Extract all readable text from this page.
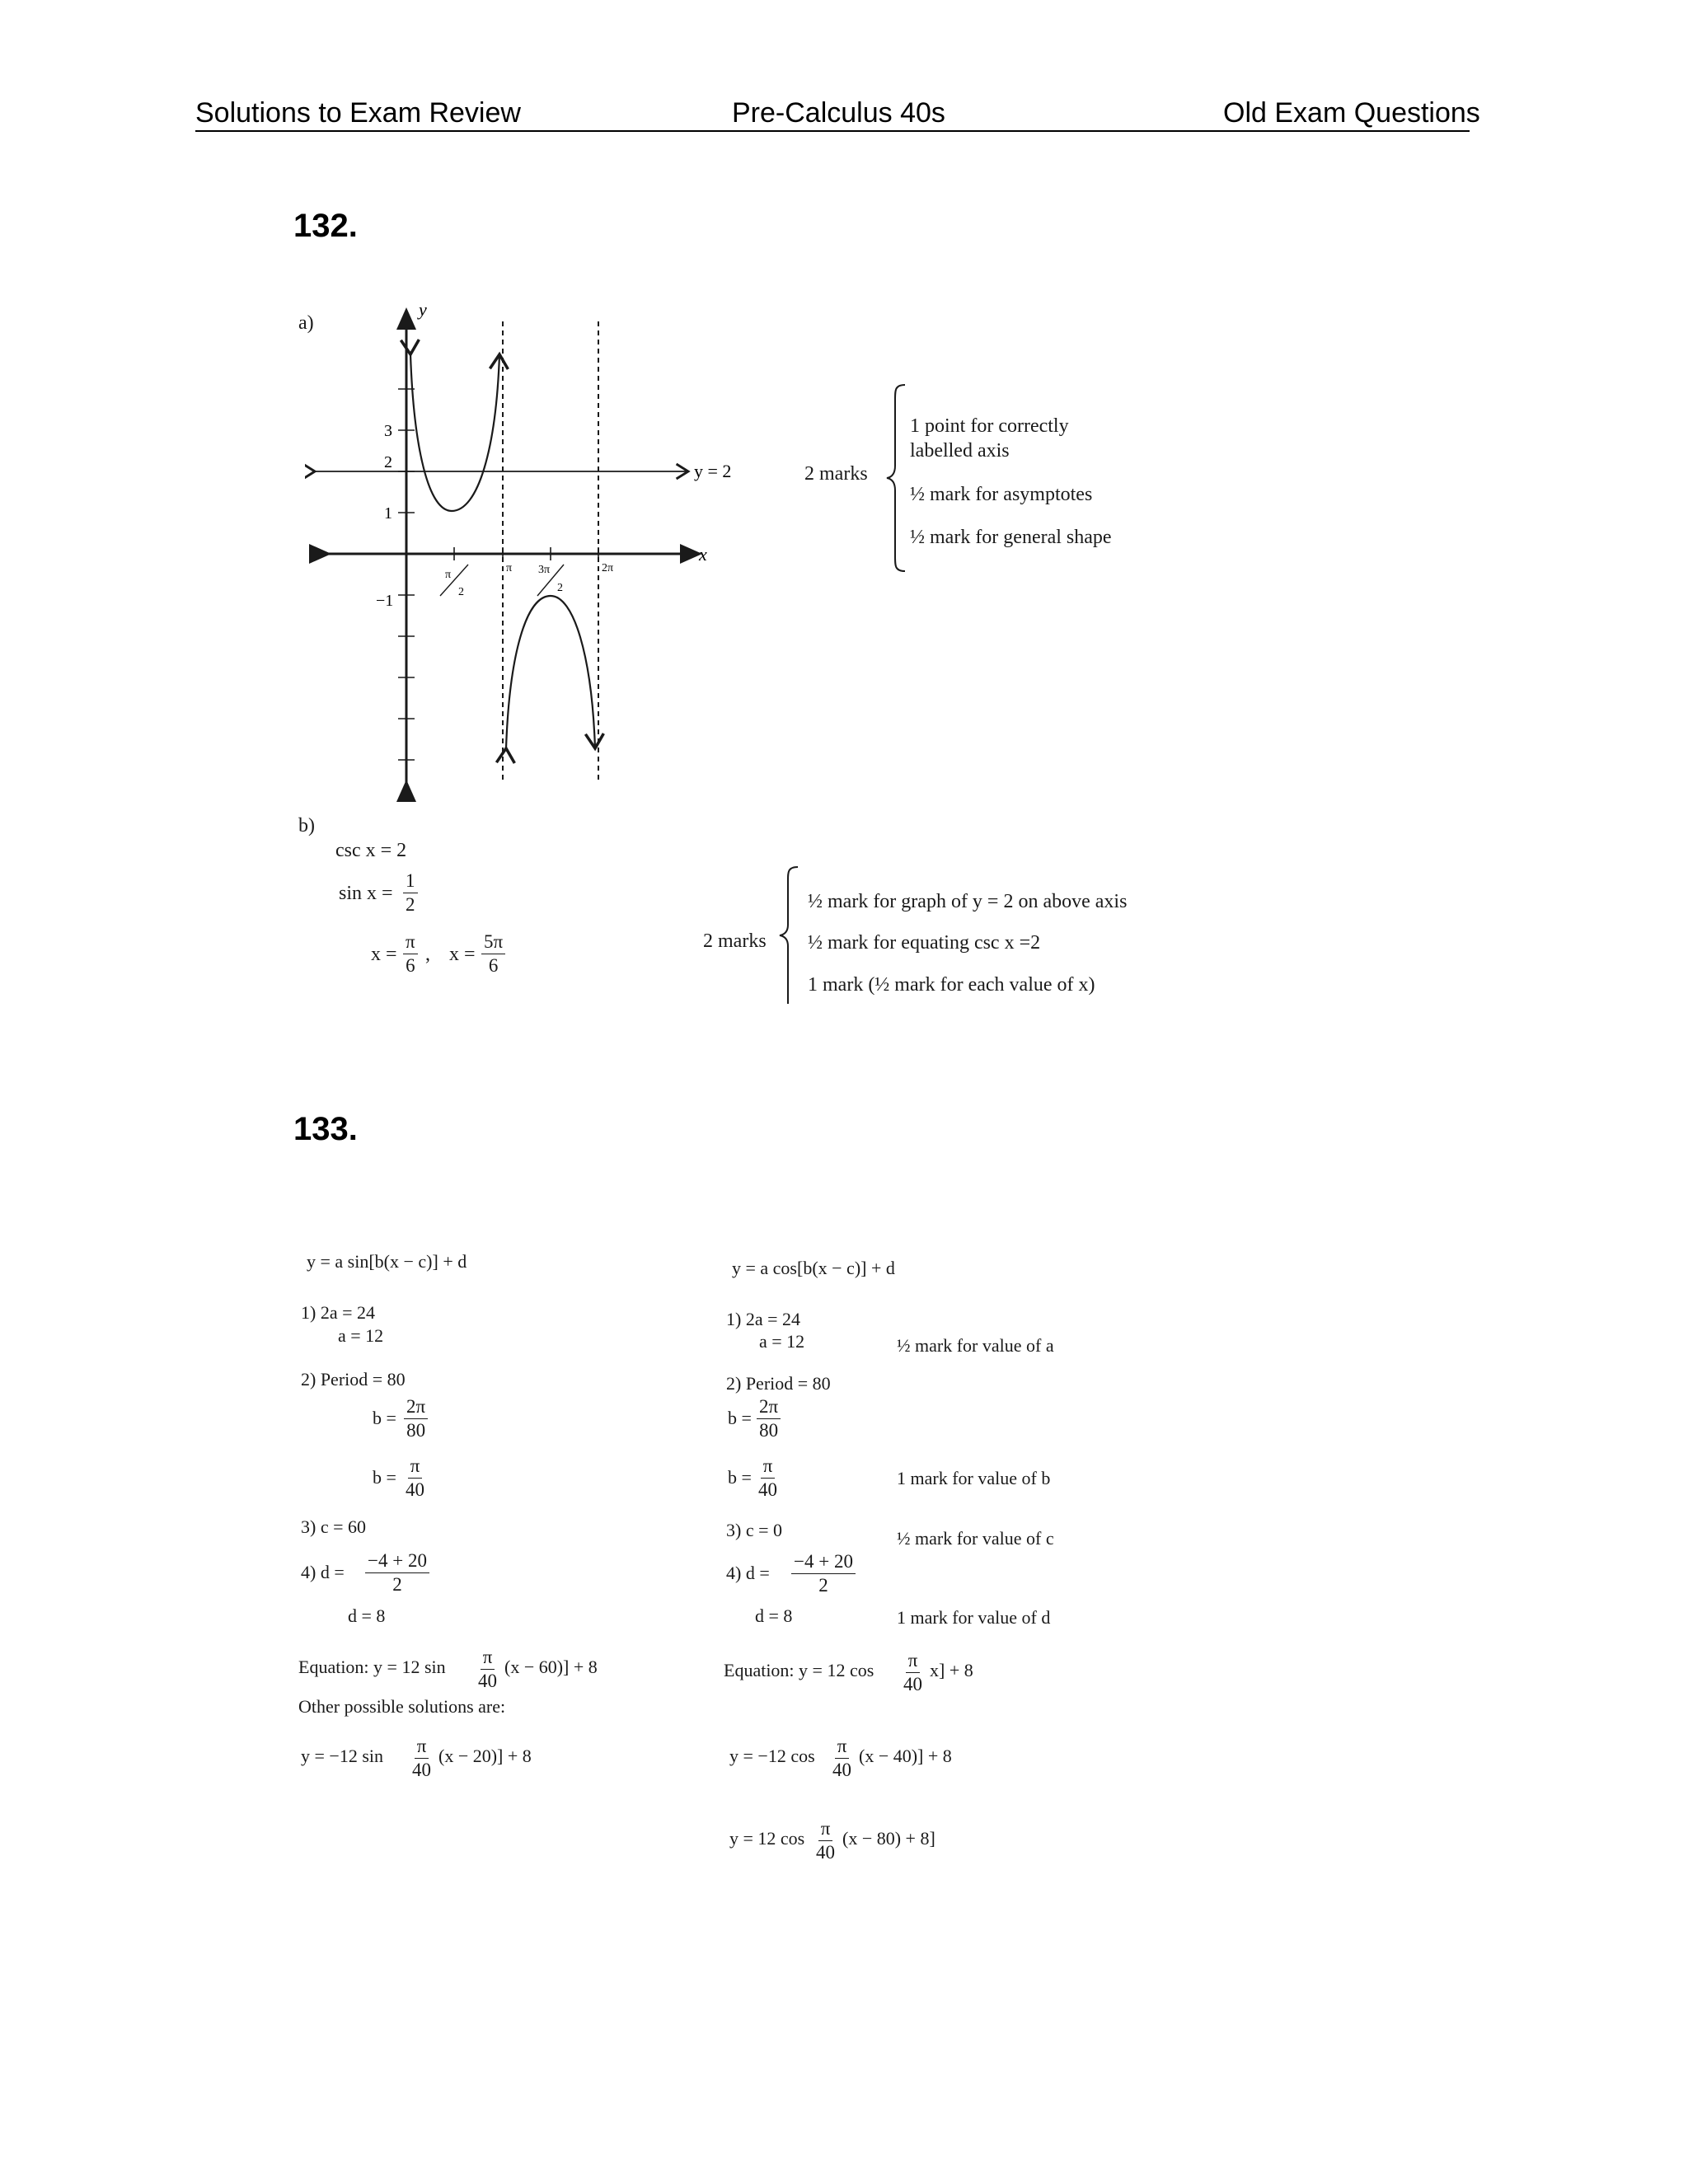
Solutions to Exam Review	Pre-Calculus 40s	Old Exam Questions
132.
a)
y
x
y = 2
3
2
1
−1
π
2
3π
2
π	2π
2 marks
1 point for correctly
labelled axis
½ mark for asymptotes
½ mark for general shape
b)
csc x = 2
$\sin x = \frac{1}{2}$
$x = \frac{\pi}{6}$ , $x = \frac{5\pi}{6}$	2 marks
½ mark for graph of y = 2 on above axis
½ mark for equating csc x =2
1 mark (½ mark for each value of x)
133.
y = a sin[b(x − c)] + d
1) 2a = 24
a = 12
2) Period = 80
$b = \frac{2\pi}{80}$
$b = \frac{\pi}{40}$
3) c = 60
4) $d = \frac{-4 + 20}{2}$
d = 8
Equation: y = 12 $\sin \frac{\pi}{40} (x - 60)] + 8$
Other possible solutions are:
y = −12 $\sin \frac{\pi}{40} (x - 20)] + 8$
y = a cos[b(x − c)] + d
1) 2a = 24
a = 12
2) Period = 80
$b = \frac{2\pi}{80}$
$b = \frac{\pi}{40}$
3) c = 0
4) $d = \frac{-4 + 20}{2}$
d = 8
Equation: y = 12 $\cos \frac{\pi}{40} x] + 8$
y = −12 $\cos \frac{\pi}{40} (x - 40)] + 8$
y = 12 $\cos \frac{\pi}{40} (x - 80) + 8$]
½ mark for value of a
1 mark for value of b
½ mark for value of c
1 mark for value of d
